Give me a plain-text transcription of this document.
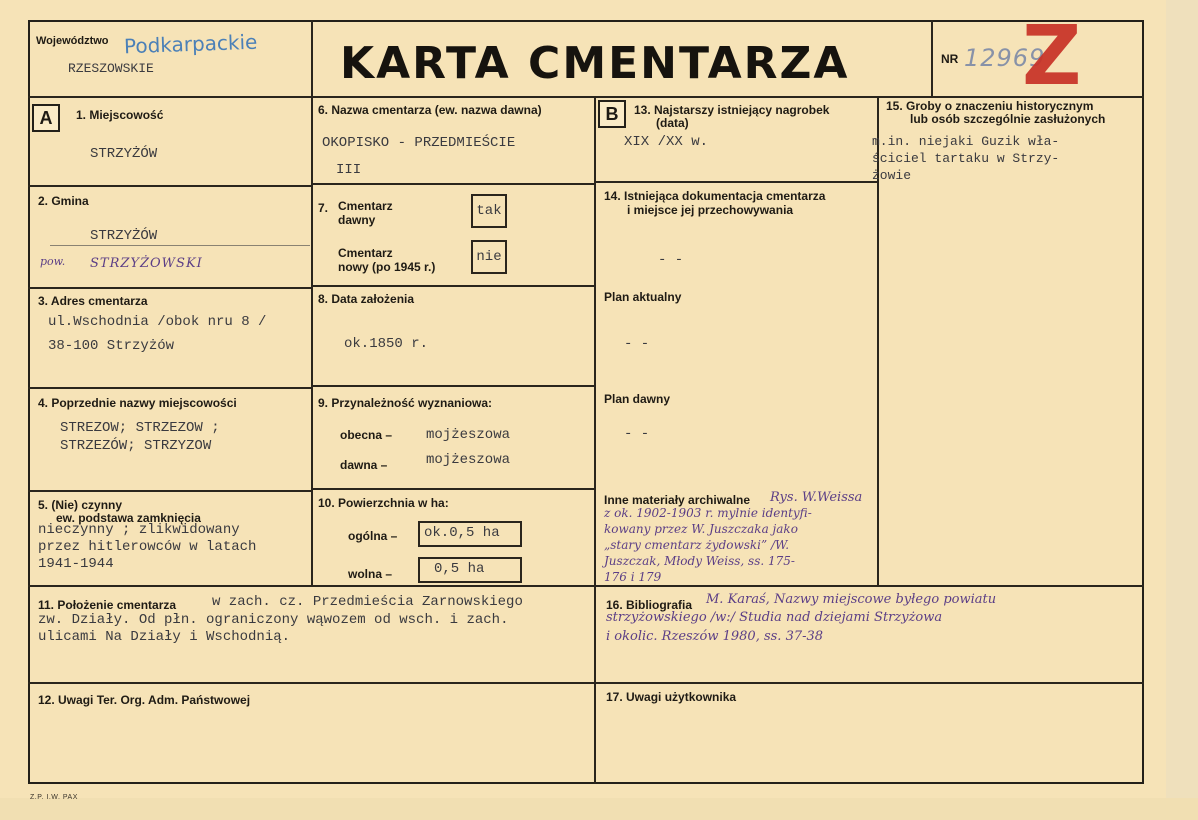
Województwo Podkarpackie
RZESZOWSKIE	KARTA CMENTARZA	NR 12969
Z
A	1. Miejscowość
STRZYŻÓW
2. Gmina
STRZYŻÓW
pow. STRZYŻOWSKI
3. Adres cmentarza
ul.Wschodnia /obok nru 8 /
38-100 Strzyżów
4. Poprzednie nazwy miejscowości
STREZOW; STRZEZOW ;
STRZEZÓW; STRZYZOW
5. (Nie) czynny
ew. podstawa zamknięcia
nieczynny ; zlikwidowany
przez hitlerowców w latach
1941-1944
6. Nazwa cmentarza (ew. nazwa dawna)
OKOPISKO - PRZEDMIEŚCIE
III
7. Cmentarz
dawny
tak
Cmentarz
nowy (po 1945 r.)
nie
8. Data założenia
ok.1850 r.
9. Przynależność wyznaniowa:
obecna – mojżeszowa
dawna –	mojżeszowa
10. Powierzchnia w ha:
ogólna –	ok.0,5 ha
wolna –	0,5 ha
B	13. Najstarszy istniejący nagrobek
(data)
XIX /XX w.
14. Istniejąca dokumentacja cmentarza
i miejsce jej przechowywania
- -
Plan aktualny
- -
Plan dawny
- -
Inne materiały archiwalne Rys. W.Weissa
z ok. 1902-1903 r. mylnie identyfi-
kowany przez W. Juszczaka jako
„stary cmentarz żydowski” /W.
Juszczak, Młody Weiss, ss. 175-
176 i 179
15. Groby o znaczeniu historycznym
lub osób szczególnie zasłużonych
m.in. niejaki Guzik wła-
ściciel tartaku w Strzy-
żowie
11. Położenie cmentarza	w zach. cz. Przedmieścia Zarnowskiego
zw. Działy. Od płn. ograniczony wąwozem od wsch. i zach.
ulicami Na Działy i Wschodnią.
16. Bibliografia M. Karaś, Nazwy miejscowe byłego powiatu
strzyżowskiego /w:/ Studia nad dziejami Strzyżowa
i okolic. Rzeszów 1980, ss. 37-38
12. Uwagi Ter. Org. Adm. Państwowej	17. Uwagi użytkownika
Z.P. I.W. PAX
